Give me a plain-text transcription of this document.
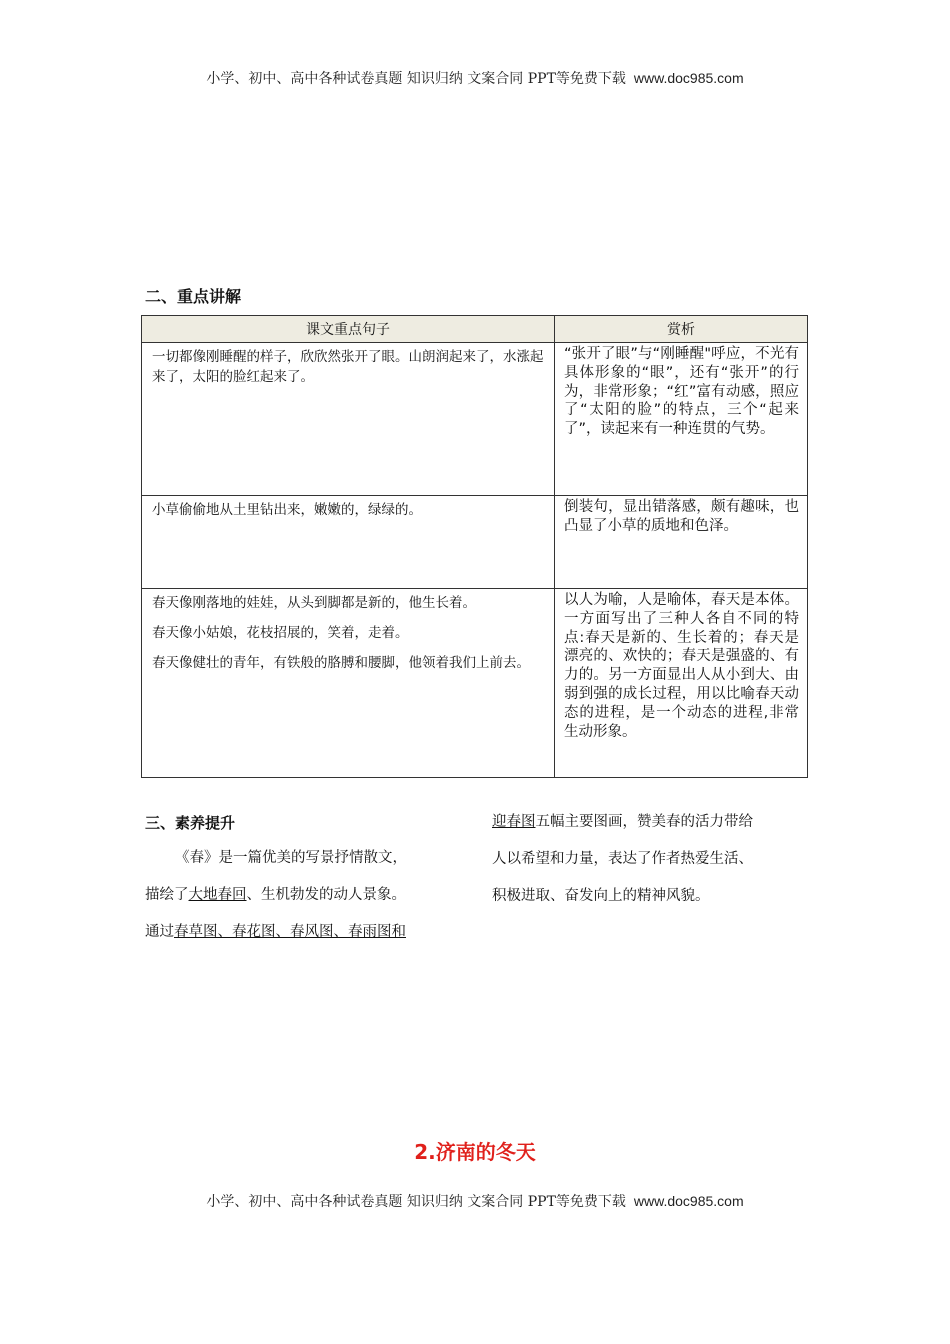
小学、初中、高中各种试卷真题 知识归纳 文案合同 PPT等免费下载 www.doc985.com
二、重点讲解
课文重点句子	赏析

一切都像刚睡醒的样子，欣欣然张开了眼。山朗润起来了，水涨起来了，太阳的脸红起来了。	“张开了眼”与“刚睡醒"呼应，不光有具体形象的“眼”，还有“张开”的行为，非常形象；“红”富有动感，照应了“太阳的脸”的特点，三个“起来了”，读起来有一种连贯的气势。

小草偷偷地从土里钻出来，嫩嫩的，绿绿的。	倒装句，显出错落感，颇有趣味，也凸显了小草的质地和色泽。

春天像刚落地的娃娃，从头到脚都是新的，他生长着。

春天像小姑娘，花枝招展的，笑着，走着。

春天像健壮的青年，有铁般的胳膊和腰脚，他领着我们上前去。	以人为喻，人是喻体，春天是本体。一方面写出了三种人各自不同的特点:春天是新的、生长着的；春天是漂亮的、欢快的；春天是强盛的、有力的。另一方面显出人从小到大、由弱到强的成长过程，用以比喻春天动态的进程，是一个动态的进程,非常生动形象。
三、素养提升

《春》是一篇优美的写景抒情散文，

描绘了大地春回、生机勃发的动人景象。

通过春草图、春花图、春风图、春雨图和

迎春图五幅主要图画，赞美春的活力带给

人以希望和力量，表达了作者热爱生活、

积极进取、奋发向上的精神风貌。

2.济南的冬天
小学、初中、高中各种试卷真题 知识归纳 文案合同 PPT等免费下载 www.doc985.com
